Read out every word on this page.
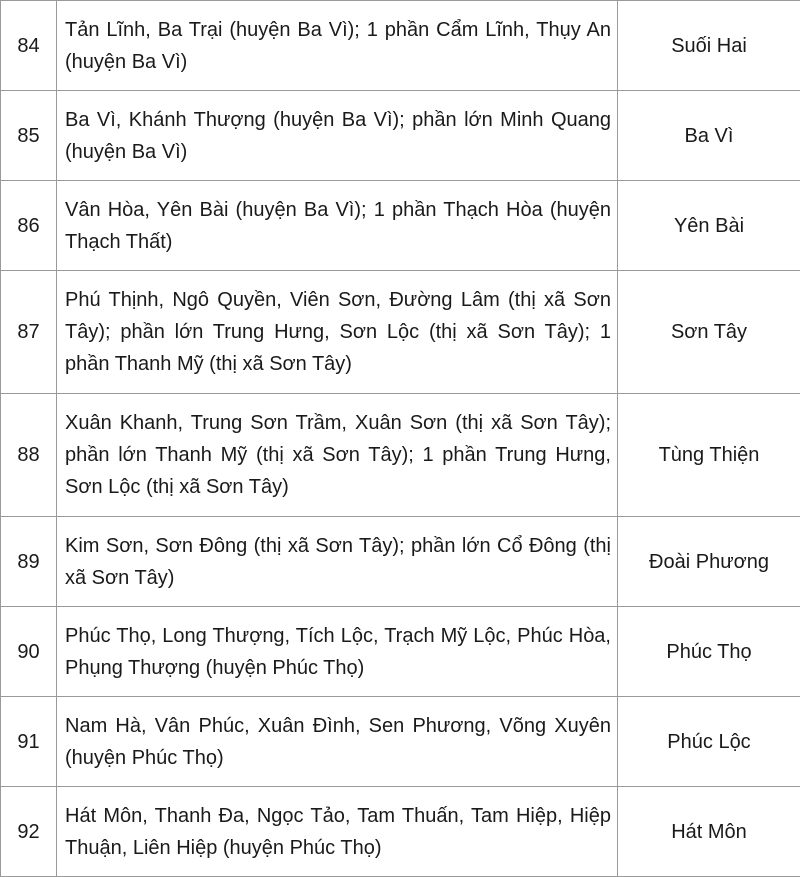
84	Tản Lĩnh, Ba Trại (huyện Ba Vì); 1 phần Cẩm Lĩnh, Thụy An (huyện Ba Vì)	Suối Hai
85	Ba Vì, Khánh Thượng (huyện Ba Vì); phần lớn Minh Quang (huyện Ba Vì)	Ba Vì
86	Vân Hòa, Yên Bài (huyện Ba Vì); 1 phần Thạch Hòa (huyện Thạch Thất)	Yên Bài
87	Phú Thịnh, Ngô Quyền, Viên Sơn, Đường Lâm (thị xã Sơn Tây); phần lớn Trung Hưng, Sơn Lộc (thị xã Sơn Tây); 1 phần Thanh Mỹ (thị xã Sơn Tây)	Sơn Tây
88	Xuân Khanh, Trung Sơn Trầm, Xuân Sơn (thị xã Sơn Tây); phần lớn Thanh Mỹ (thị xã Sơn Tây); 1 phần Trung Hưng, Sơn Lộc (thị xã Sơn Tây)	Tùng Thiện
89	Kim Sơn, Sơn Đông (thị xã Sơn Tây); phần lớn Cổ Đông (thị xã Sơn Tây)	Đoài Phương
90	Phúc Thọ, Long Thượng, Tích Lộc, Trạch Mỹ Lộc, Phúc Hòa, Phụng Thượng (huyện Phúc Thọ)	Phúc Thọ
91	Nam Hà, Vân Phúc, Xuân Đình, Sen Phương, Võng Xuyên (huyện Phúc Thọ)	Phúc Lộc
92	Hát Môn, Thanh Đa, Ngọc Tảo, Tam Thuấn, Tam Hiệp, Hiệp Thuận, Liên Hiệp (huyện Phúc Thọ)	Hát Môn
